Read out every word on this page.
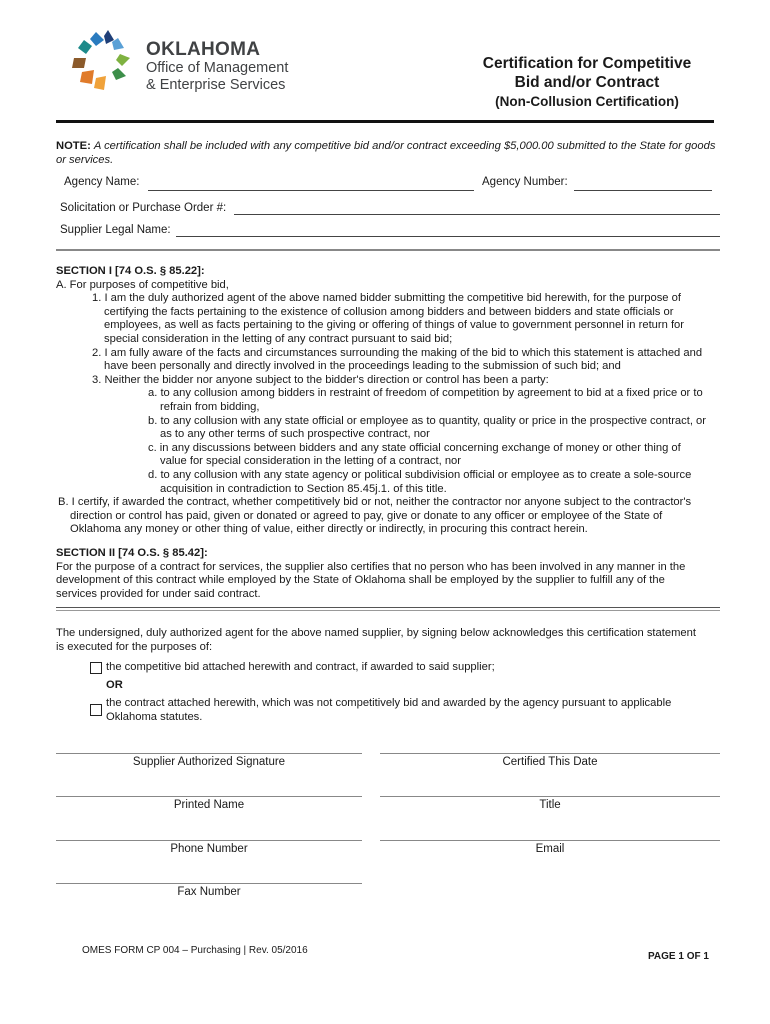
OKLAHOMA
Office of Management
& Enterprise Services
Certification for Competitive
Bid and/or Contract
(Non-Collusion Certification)
NOTE: A certification shall be included with any competitive bid and/or contract exceeding $5,000.00 submitted to the State for goods or services.
Agency Name:	Agency Number:
Solicitation or Purchase Order #:
Supplier Legal Name:

SECTION I [74 O.S. § 85.22]:

A. For purposes of competitive bid,

1. I am the duly authorized agent of the above named bidder submitting the competitive bid herewith, for the purpose of

certifying the facts pertaining to the existence of collusion among bidders and between bidders and state officials or

employees, as well as facts pertaining to the giving or offering of things of value to government personnel in return for

special consideration in the letting of any contract pursuant to said bid;

2. I am fully aware of the facts and circumstances surrounding the making of the bid to which this statement is attached and

have been personally and directly involved in the proceedings leading to the submission of such bid; and

3. Neither the bidder nor anyone subject to the bidder's direction or control has been a party:

a. to any collusion among bidders in restraint of freedom of competition by agreement to bid at a fixed price or to

refrain from bidding,

b. to any collusion with any state official or employee as to quantity, quality or price in the prospective contract, or

as to any other terms of such prospective contract, nor

c. in any discussions between bidders and any state official concerning exchange of money or other thing of

value for special consideration in the letting of a contract, nor

d. to any collusion with any state agency or political subdivision official or employee as to create a sole-source

acquisition in contradiction to Section 85.45j.1. of this title.

B. I certify, if awarded the contract, whether competitively bid or not, neither the contractor nor anyone subject to the contractor's

direction or control has paid, given or donated or agreed to pay, give or donate to any officer or employee of the State of

Oklahoma any money or other thing of value, either directly or indirectly, in procuring this contract herein.

SECTION II [74 O.S. § 85.42]:

For the purpose of a contract for services, the supplier also certifies that no person who has been involved in any manner in the

development of this contract while employed by the State of Oklahoma shall be employed by the supplier to fulfill any of the

services provided for under said contract.

The undersigned, duly authorized agent for the above named supplier, by signing below acknowledges this certification statement

is executed for the purposes of:

the competitive bid attached herewith and contract, if awarded to said supplier;
OR
the contract attached herewith, which was not competitively bid and awarded by the agency pursuant to applicable
Oklahoma statutes.
Supplier Authorized Signature	Certified This Date
Printed Name	Title
Phone Number	Email
Fax Number
OMES FORM CP 004 – Purchasing | Rev. 05/2016
PAGE 1 OF 1
